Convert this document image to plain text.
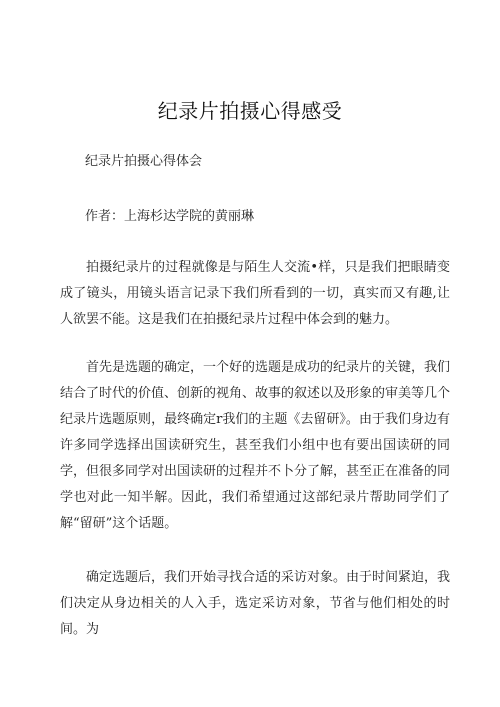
纪录片拍摄心得感受
纪录片拍摄心得体会
作者：上海杉达学院的黄丽琳

拍摄纪录片的过程就像是与陌生人交流•样，只是我们把眼睛变成了镜头，用镜头语言记录下我们所看到的一切，真实而又有趣,让人欲罢不能。这是我们在拍摄纪录片过程中体会到的魅力。

首先是选题的确定，一个好的选题是成功的纪录片的关键，我们结合了时代的价值、创新的视角、故事的叙述以及形象的审美等几个纪录片选题原则，最终确定r我们的主题《去留研》。由于我们身边有许多同学选择出国读研究生，甚至我们小组中也有要出国读研的同学，但很多同学对出国读研的过程并不卜分了解，甚至正在准备的同学也对此一知半解。因此，我们希望通过这部纪录片帮助同学们了解“留研”这个话题。

确定选题后，我们开始寻找合适的采访对象。由于时间紧迫，我们决定从身边相关的人入手，选定采访对象，节省与他们相处的时间。为
